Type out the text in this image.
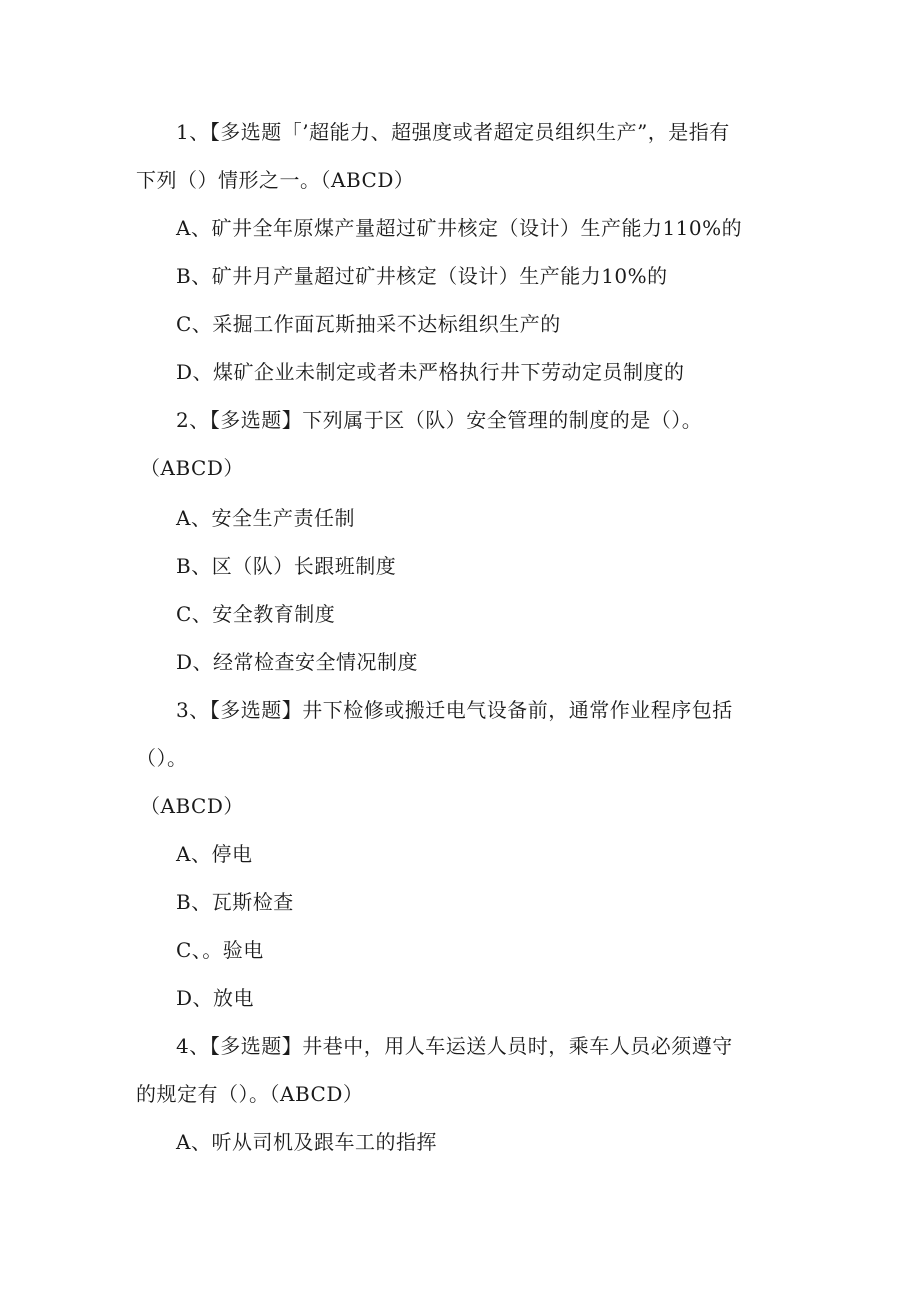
1、【多选题「’超能力、超强度或者超定员组织生产”，是指有
下列（）情形之一。（ABCD）
A、矿井全年原煤产量超过矿井核定（设计）生产能力110%的
B、矿井月产量超过矿井核定（设计）生产能力10%的
C、采掘工作面瓦斯抽采不达标组织生产的
D、煤矿企业未制定或者未严格执行井下劳动定员制度的
2、【多选题】下列属于区（队）安全管理的制度的是（）。
（ABCD）
A、安全生产责任制
B、区（队）长跟班制度
C、安全教育制度
D、经常检查安全情况制度
3、【多选题】井下检修或搬迁电气设备前，通常作业程序包括
（）。
（ABCD）
A、停电
B、瓦斯检查
C、。验电
D、放电
4、【多选题】井巷中，用人车运送人员时，乘车人员必须遵守
的规定有（）。（ABCD）
A、听从司机及跟车工的指挥
